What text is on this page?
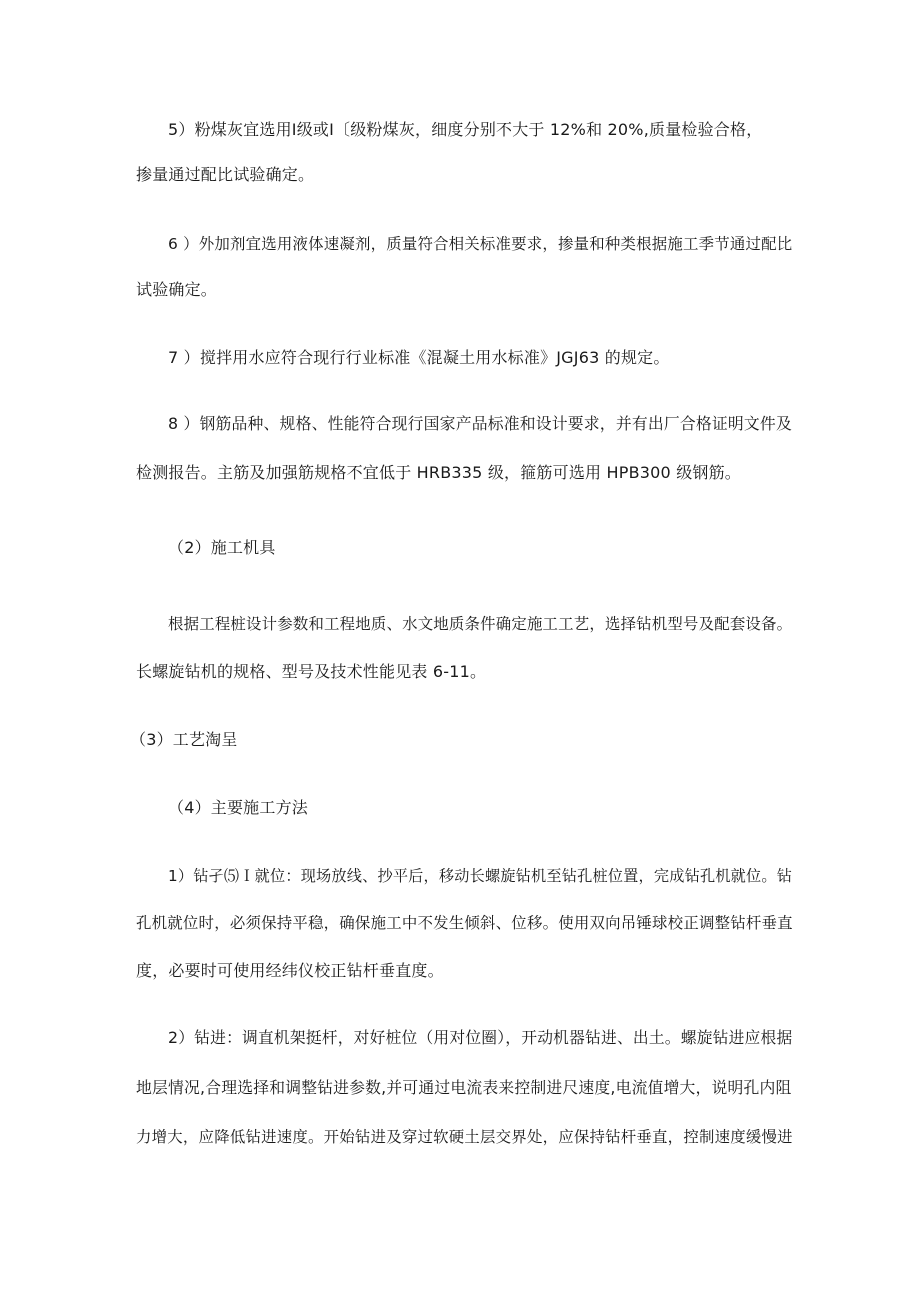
5）粉煤灰宜选用Ⅰ级或Ⅰ〔级粉煤灰，细度分别不大于 12%和 20%,质量检验合格，
掺量通过配比试验确定。
6 ）外加剂宜选用液体速凝剂，质量符合相关标准要求，掺量和种类根据施工季节通过配比
试验确定。
7 ）搅拌用水应符合现行行业标准《混凝土用水标准》JGJ63 的规定。
8 ）钢筋品种、规格、性能符合现行国家产品标准和设计要求，并有出厂合格证明文件及
检测报告。主筋及加强筋规格不宜低于 HRB335 级，箍筋可选用 HPB300 级钢筋。
（2）施工机具
根据工程桩设计参数和工程地质、水文地质条件确定施工工艺，选择钻机型号及配套设备。
长螺旋钻机的规格、型号及技术性能见表 6-11。
（3）工艺淘呈
（4）主要施工方法
1）钻孑⑸Ｉ就位：现场放线、抄平后，移动长螺旋钻机至钻孔桩位置，完成钻孔机就位。钻
孔机就位时，必须保持平稳，确保施工中不发生倾斜、位移。使用双向吊锤球校正调整钻杆垂直
度，必要时可使用经纬仪校正钻杆垂直度。
2）钻进：调直机架挺杆，对好桩位（用对位圈），开动机器钻进、出土。螺旋钻进应根据
地层情况,合理选择和调整钻进参数,并可通过电流表来控制进尺速度,电流值增大，说明孔内阻
力增大，应降低钻进速度。开始钻进及穿过软硬土层交界处，应保持钻杆垂直，控制速度缓慢进
